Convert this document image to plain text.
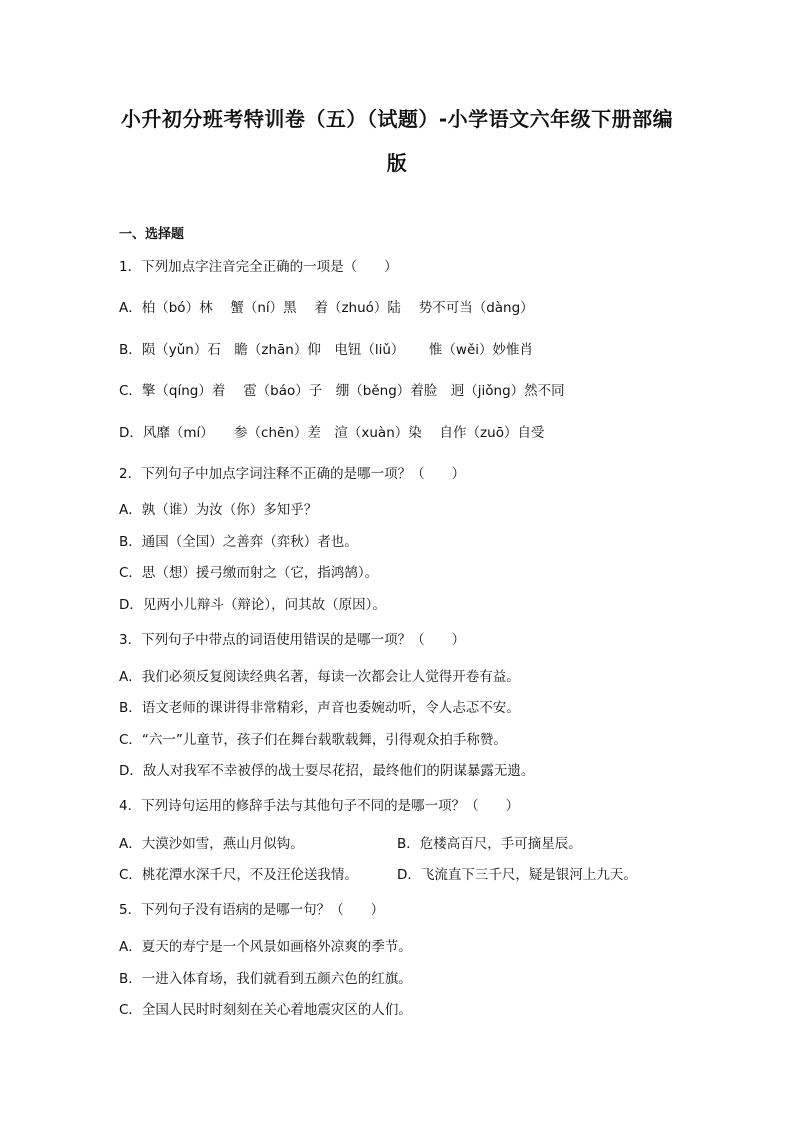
小升初分班考特训卷（五）（试题）-小学语文六年级下册部编
版
一、选择题
1．下列加点字注音完全正确的一项是（　　）
A．柏（bó）林　 蟹（ní）黑　 着（zhuó）陆　 势不可当（dàng）
B．陨（yǔn）石　瞻（zhān）仰　电钮（liǔ）　　 惟（wěi）妙惟肖
C．擎（qíng）着　 雹（báo）子　绷（běng）着脸　迥（jiǒng）然不同
D．风靡（mí）　　参（chēn）差　渲（xuàn）染　 自作（zuō）自受
2．下列句子中加点字词注释不正确的是哪一项？（　　）
A．孰（谁）为汝（你）多知乎？
B．通国（全国）之善弈（弈秋）者也。
C．思（想）援弓缴而射之（它，指鸿鹄）。
D．见两小儿辩斗（辩论），问其故（原因）。
3．下列句子中带点的词语使用错误的是哪一项？（　　）
A．我们必须反复阅读经典名著，每读一次都会让人觉得开卷有益。
B．语文老师的课讲得非常精彩，声音也委婉动听，令人忐忑不安。
C．“六一”儿童节，孩子们在舞台载歌载舞，引得观众拍手称赞。
D．敌人对我军不幸被俘的战士耍尽花招，最终他们的阴谋暴露无遗。
4．下列诗句运用的修辞手法与其他句子不同的是哪一项？（　　）
A．大漠沙如雪，燕山月似钩。	B．危楼高百尺，手可摘星辰。
C．桃花潭水深千尺，不及汪伦送我情。	D．飞流直下三千尺，疑是银河上九天。
5．下列句子没有语病的是哪一句？（　　）
A．夏天的寿宁是一个风景如画格外凉爽的季节。
B．一进入体育场，我们就看到五颜六色的红旗。
C．全国人民时时刻刻在关心着地震灾区的人们。
